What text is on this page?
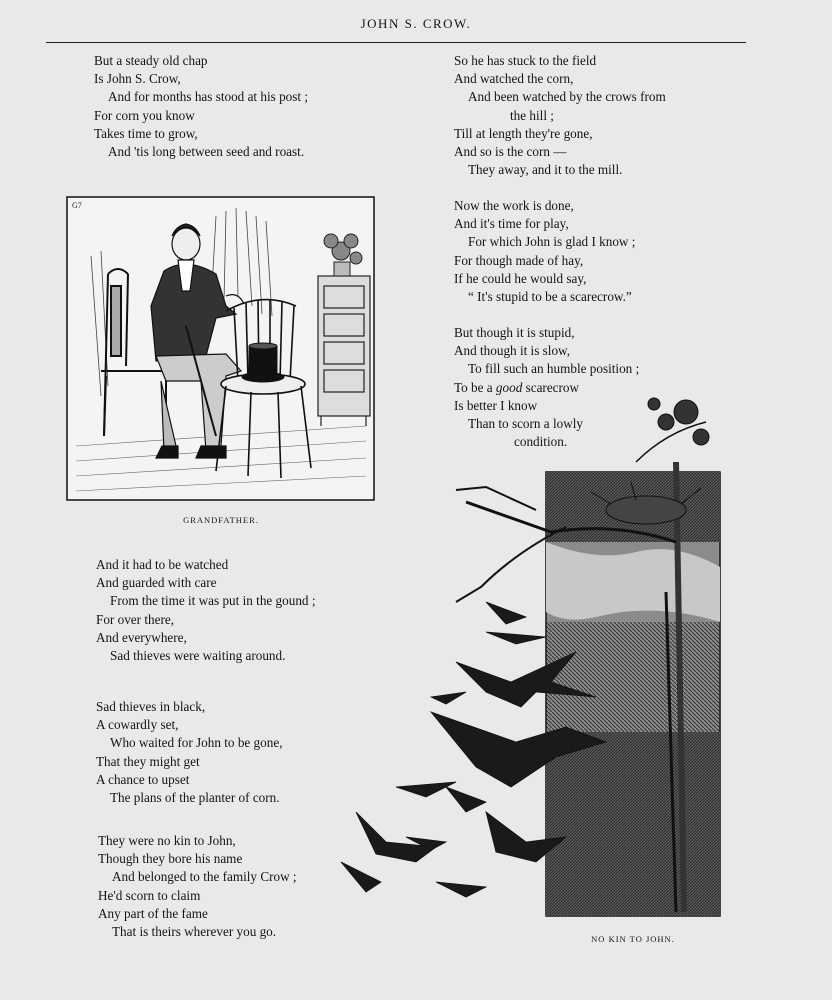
JOHN S. CROW.
But a steady old chap
Is John S. Crow,
And for months has stood at his post ;
For corn you know
Takes time to grow,
And 'tis long between seed and roast.
G7
GRANDFATHER.
And it had to be watched
And guarded with care
From the time it was put in the gound ;
For over there,
And everywhere,
Sad thieves were waiting around.
Sad thieves in black,
A cowardly set,
Who waited for John to be gone,
That they might get
A chance to upset
The plans of the planter of corn.
They were no kin to John,
Though they bore his name
And belonged to the family Crow ;
He'd scorn to claim
Any part of the fame
That is theirs wherever you go.
So he has stuck to the field
And watched the corn,
And been watched by the crows from
the hill ;
Till at length they're gone,
And so is the corn —
They away, and it to the mill.
Now the work is done,
And it's time for play,
For which John is glad I know ;
For though made of hay,
If he could he would say,
“ It's stupid to be a scarecrow.”
But though it is stupid,
And though it is slow,
To fill such an humble position ;
To be a good scarecrow
Is better I know
Than to scorn a lowly
condition.
NO KIN TO JOHN.
